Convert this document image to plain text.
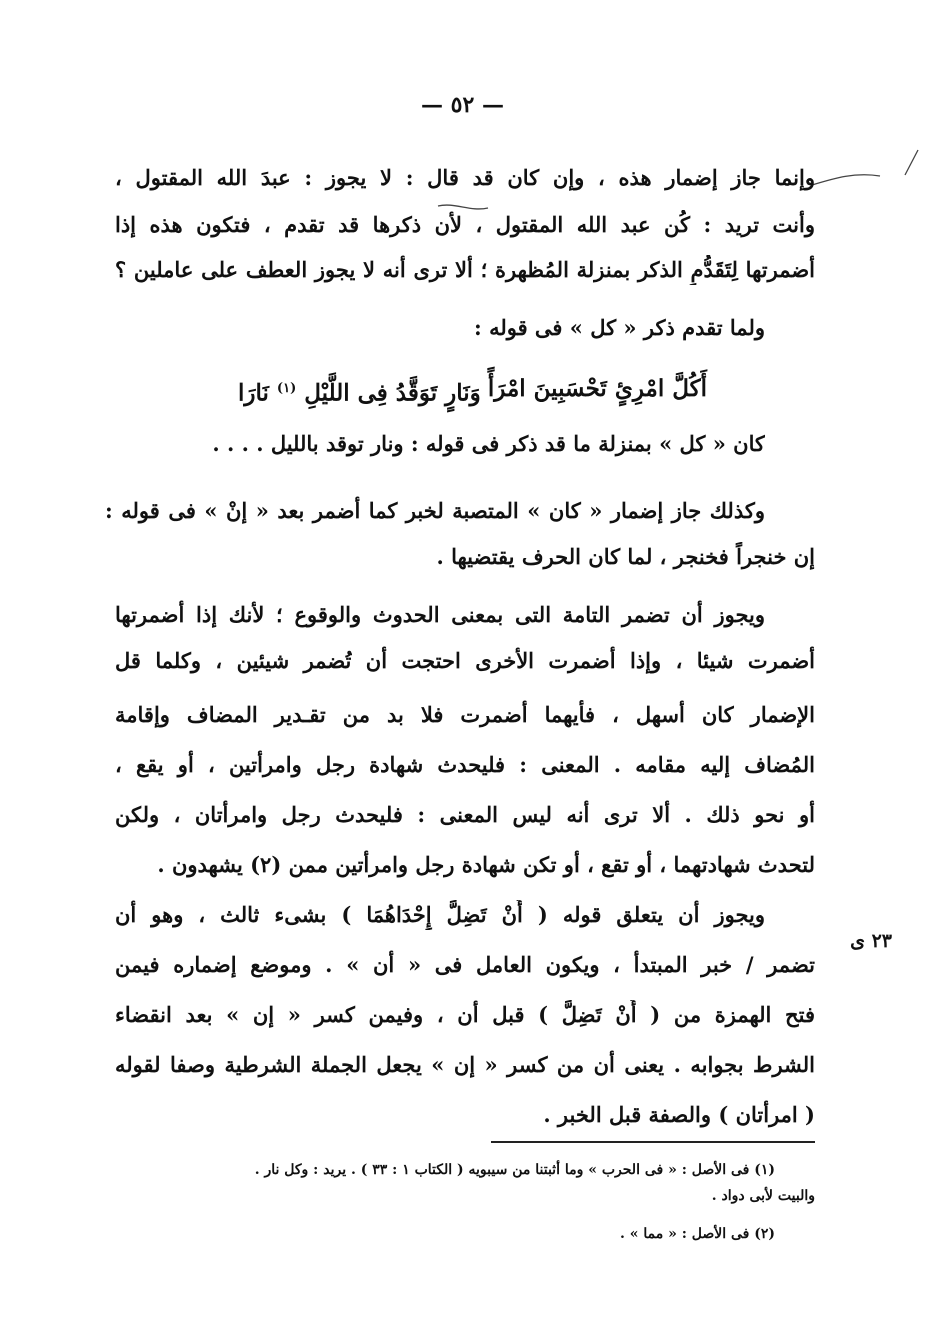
— ٥٢ —
وإنما جاز إضمار هذه ، وإن كان قد قال : لا يجوز : عبدَ الله المقتول ،
وأنت تريد : كُن عبد الله المقتول ، لأن ذكرها قد تقدم ، فتكون هذه إذا
أضمرتها لِتَقَدُّمِ الذكر بمنزلة المُظهرة ؛ ألا ترى أنه لا يجوز العطف على عاملين ؟
ولما تقدم ذكر « كل » فى قوله :
أَكُلَّ امْرِئٍ تَحْسَبِينَ امْرَأً
وَنَارٍ تَوَقَّدُ فِى اللَّيْلِ $^{(١)}$ نَارَا
كان « كل » بمنزلة ما قد ذكر فى قوله : ونار توقد بالليل . . . .
وكذلك جاز إضمار « كان » المتصبة لخبر كما أضمر بعد « إنْ » فى قوله :
إن خنجراً فخنجر ، لما كان الحرف يقتضيها .
ويجوز أن تضمر التامة التى بمعنى الحدوث والوقوع ؛ لأنك إذا أضمرتها
أضمرت شيئا ، وإذا أضمرت الأخرى احتجت أن تُضمر شيئين ، وكلما قل
الإضمار كان أسهل ، فأيهما أضمرت فلا بد من تقـدير المضاف وإقامة
المُضاف إليه مقامه . المعنى : فليحدث شهادة رجل وامرأتين ، أو يقع ،
أو نحو ذلك . ألا ترى أنه ليس المعنى : فليحدث رجل وامرأتان ، ولكن
لتحدث شهادتهما ، أو تقع ، أو تكن شهادة رجل وامرأتين ممن (٢) يشهدون .
ويجوز أن يتعلق قوله ( أَنْ تَضِلَّ إِحْدَاهُمَا ) بشىء ثالث ، وهو أن
تضمر / خبر المبتدأ ، ويكون العامل فى « أن » . وموضع إضماره فيمن
فتح الهمزة من ( أَنْ تَضِلَّ ) قبل أن ، وفيمن كسر « إن » بعد انقضاء
الشرط بجوابه . يعنى أن من كسر « إن » يجعل الجملة الشرطية وصفا لقوله
( امرأتان ) والصفة قبل الخبر .
٢٣ ى
(١) فى الأصل : « فى الحرب » وما أثبتنا من سيبويه ( الكتاب ١ : ٣٣ ) . يريد : وكل نار .
والبيت لأبى دواد .
(٢) فى الأصل : « مما » .
